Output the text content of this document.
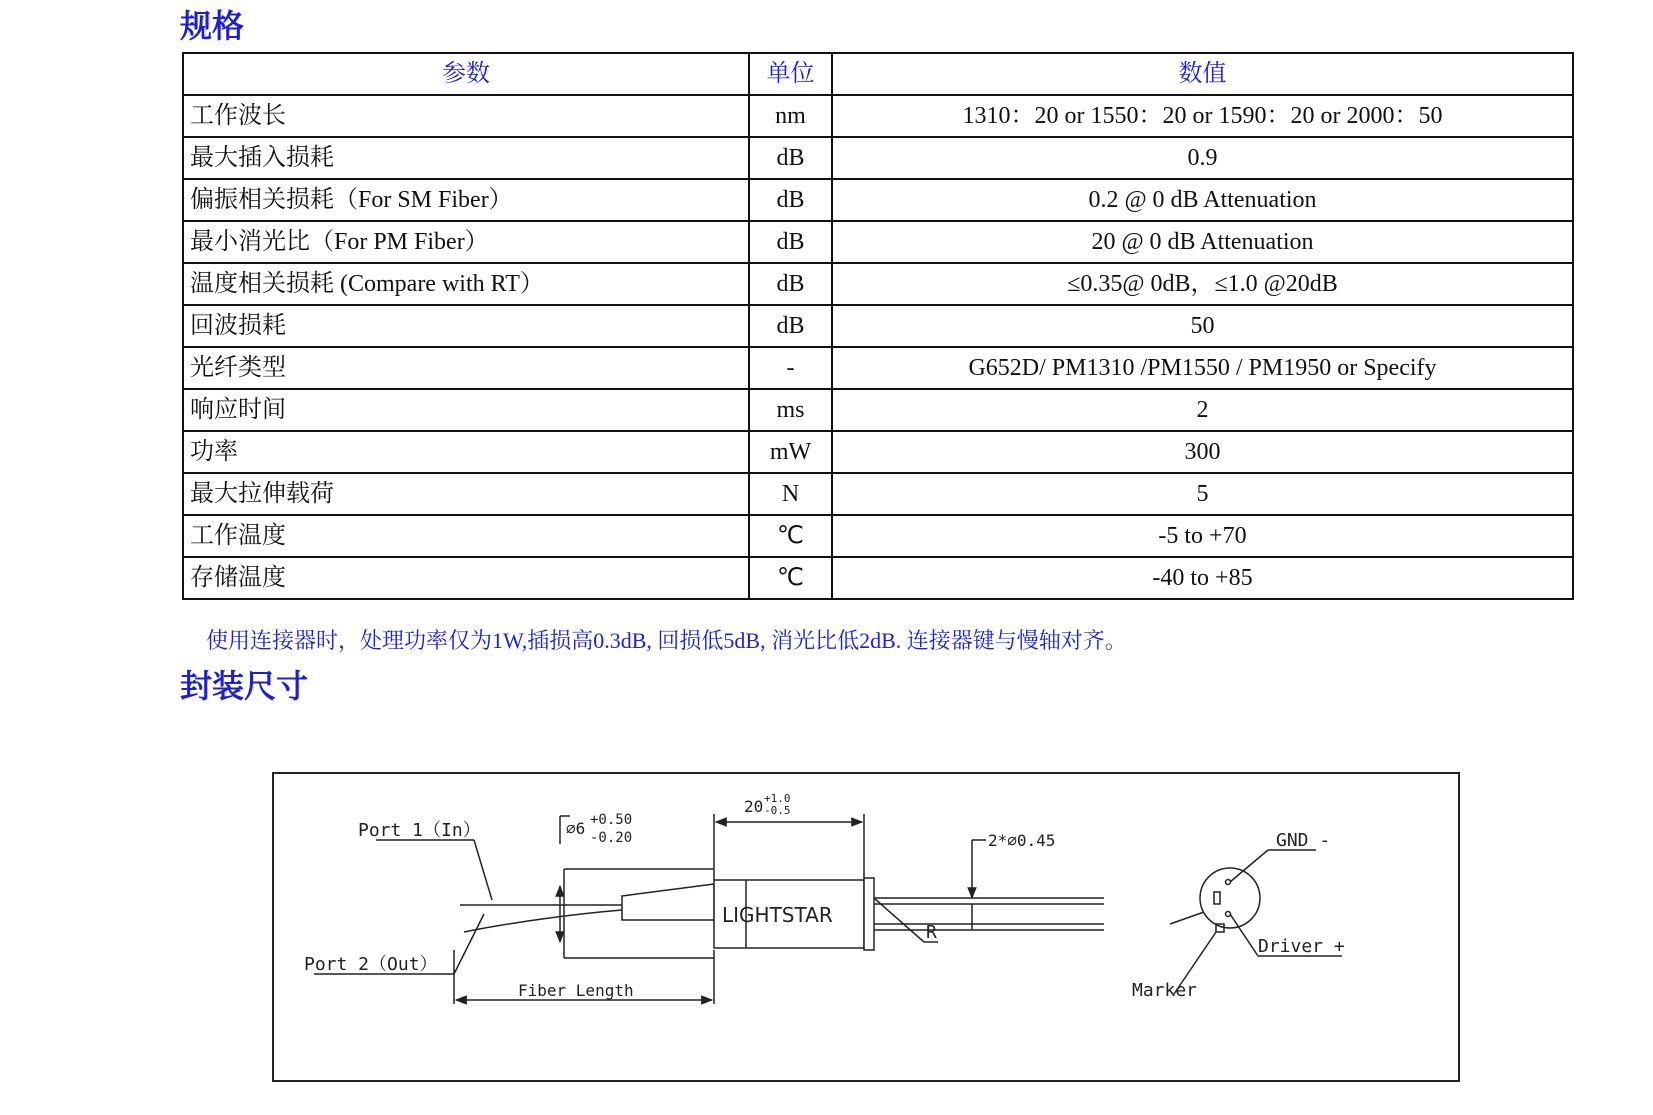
规格
参数	单位	数值
工作波长	nm	1310：20 or 1550：20 or 1590：20 or 2000：50
最大插入损耗	dB	0.9
偏振相关损耗（For SM Fiber）	dB	0.2 @ 0 dB Attenuation
最小消光比（For PM Fiber）	dB	20 @ 0 dB Attenuation
温度相关损耗 (Compare with RT）	dB	≤0.35@ 0dB，≤1.0 @20dB
回波损耗	dB	50
光纤类型	-	G652D/ PM1310 /PM1550 / PM1950 or Specify
响应时间	ms	2
功率	mW	300
最大拉伸载荷	N	5
工作温度	℃	-5 to +70
存储温度	℃	-40 to +85

使用连接器时，处理功率仅为1W,插损高0.3dB, 回损低5dB, 消光比低2dB. 连接器键与慢轴对齐。

封装尺寸
LIGHTSTAR
Port 1（In）
Port 2（Out）
Fiber Length
∅6 +0.50
-0.20
20 +1.0
-0.5
2*∅0.45
R
GND -
Driver +
Marker
